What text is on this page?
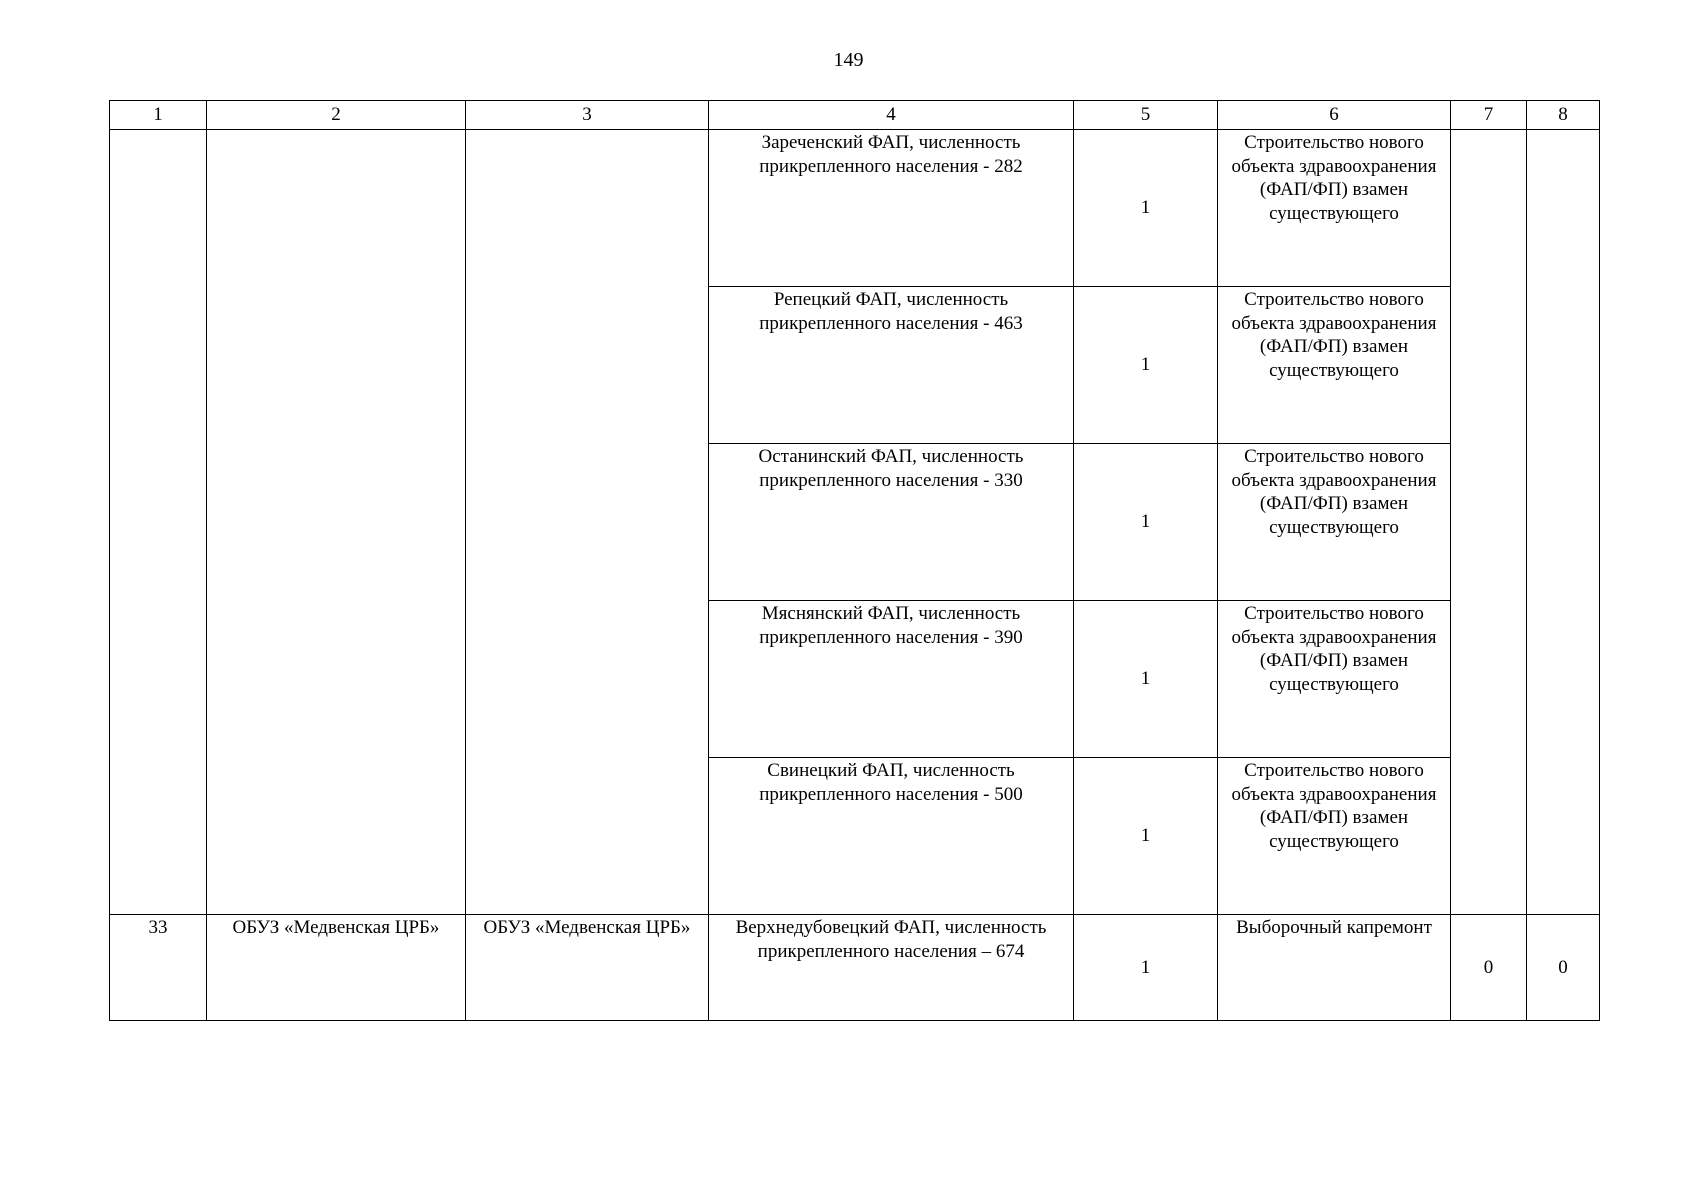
149
1	2	3	4	5	6	7	8
			Зареченский ФАП, численность прикрепленного населения - 282	1	Строительство нового объекта здравоохранения (ФАП/ФП) взамен существующего		
			Репецкий ФАП, численность прикрепленного населения - 463	1	Строительство нового объекта здравоохранения (ФАП/ФП) взамен существующего		
			Останинский ФАП, численность прикрепленного населения - 330	1	Строительство нового объекта здравоохранения (ФАП/ФП) взамен существующего		
			Мяснянский ФАП, численность прикрепленного населения - 390	1	Строительство нового объекта здравоохранения (ФАП/ФП) взамен существующего		
			Свинецкий ФАП, численность прикрепленного населения - 500	1	Строительство нового объекта здравоохранения (ФАП/ФП) взамен существующего		
33	ОБУЗ «Медвенская ЦРБ»	ОБУЗ «Медвенская ЦРБ»	Верхнедубовецкий ФАП, численность прикрепленного населения – 674	1	Выборочный капремонт	0	0
